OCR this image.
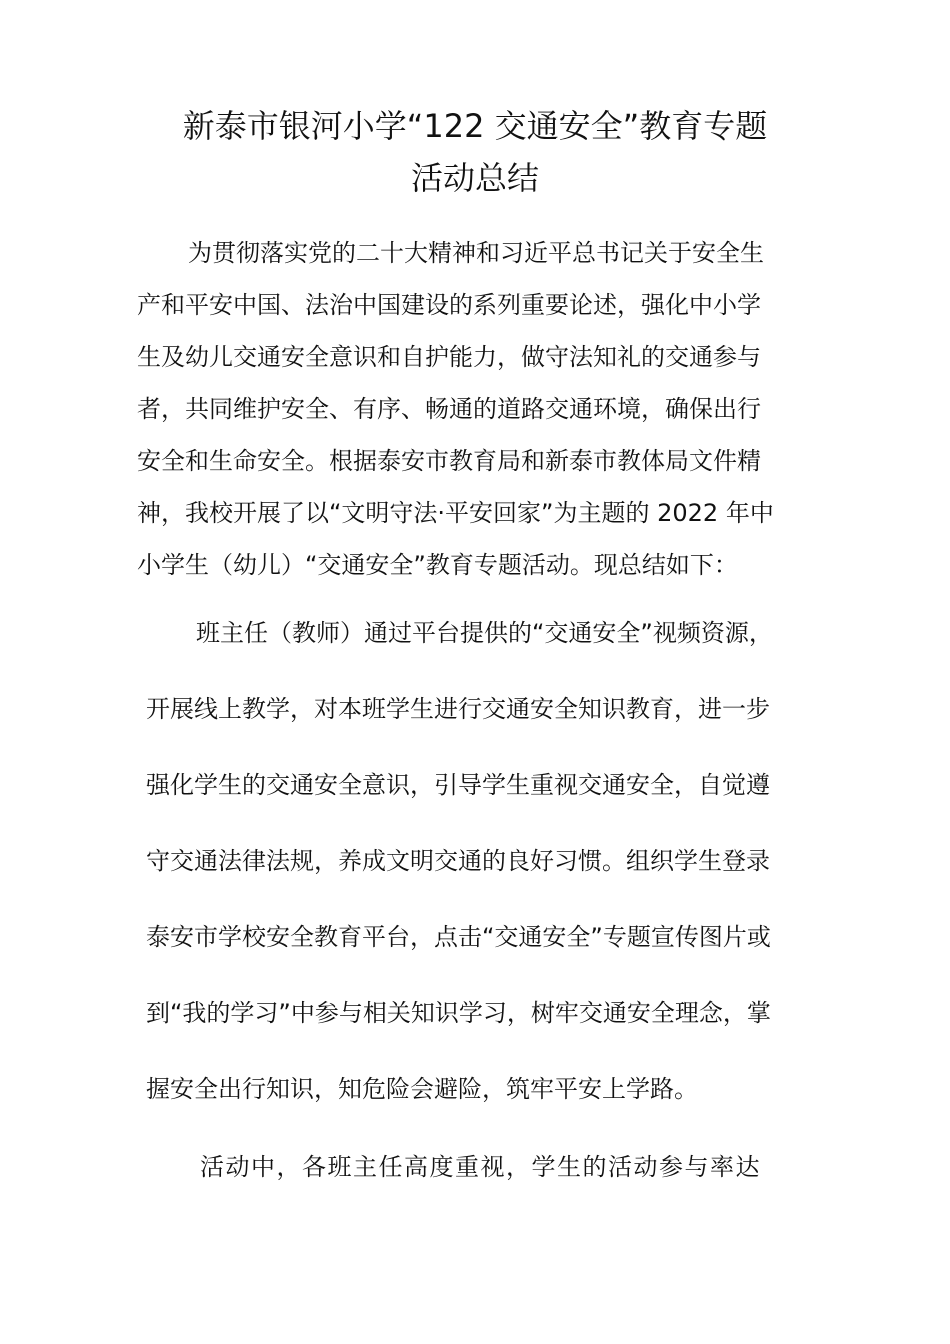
新泰市银河小学“122 交通安全”教育专题
活动总结

为贯彻落实党的二十大精神和习近平总书记关于安全生

产和平安中国、法治中国建设的系列重要论述，强化中小学

生及幼儿交通安全意识和自护能力，做守法知礼的交通参与

者，共同维护安全、有序、畅通的道路交通环境，确保出行

安全和生命安全。根据泰安市教育局和新泰市教体局文件精

神，我校开展了以“文明守法·平安回家”为主题的 2022 年中

小学生（幼儿）“交通安全”教育专题活动。现总结如下：

班主任（教师）通过平台提供的“交通安全”视频资源，

开展线上教学，对本班学生进行交通安全知识教育，进一步

强化学生的交通安全意识，引导学生重视交通安全，自觉遵

守交通法律法规，养成文明交通的良好习惯。组织学生登录

泰安市学校安全教育平台，点击“交通安全”专题宣传图片或

到“我的学习”中参与相关知识学习，树牢交通安全理念，掌

握安全出行知识，知危险会避险，筑牢平安上学路。

活动中，各班主任高度重视，学生的活动参与率达
